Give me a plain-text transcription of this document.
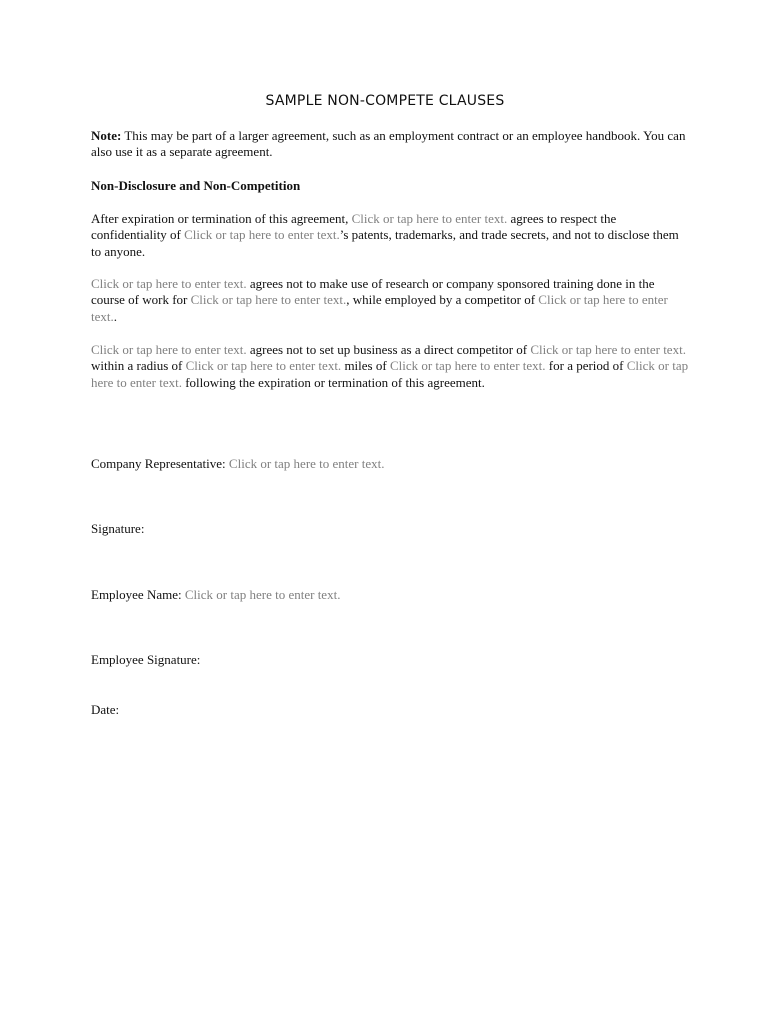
SAMPLE NON-COMPETE CLAUSES
Note: This may be part of a larger agreement, such as an employment contract or an employee handbook. You can also use it as a separate agreement.
Non-Disclosure and Non-Competition
After expiration or termination of this agreement, Click or tap here to enter text. agrees to respect the confidentiality of Click or tap here to enter text.’s patents, trademarks, and trade secrets, and not to disclose them to anyone.
Click or tap here to enter text. agrees not to make use of research or company sponsored training done in the course of work for Click or tap here to enter text., while employed by a competitor of Click or tap here to enter text..
Click or tap here to enter text. agrees not to set up business as a direct competitor of Click or tap here to enter text. within a radius of Click or tap here to enter text. miles of Click or tap here to enter text. for a period of Click or tap here to enter text. following the expiration or termination of this agreement.
Company Representative: Click or tap here to enter text.
Signature:
Employee Name: Click or tap here to enter text.
Employee Signature:
Date:
